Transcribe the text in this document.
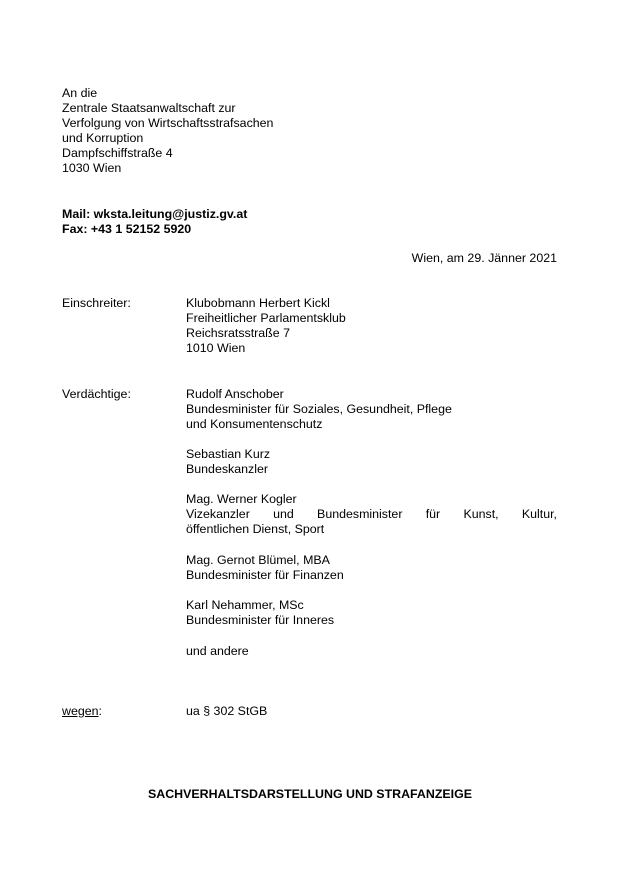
An die
Zentrale Staatsanwaltschaft zur
Verfolgung von Wirtschaftsstrafsachen
und Korruption
Dampfschiffstraße 4
1030 Wien
Mail: wksta.leitung@justiz.gv.at
Fax: +43 1 52152 5920
Wien, am 29. Jänner 2021
Einschreiter:	Klubobmann Herbert Kickl
Freiheitlicher Parlamentsklub
Reichsratsstraße 7
1010 Wien
Verdächtige:	Rudolf Anschober
Bundesminister für Soziales, Gesundheit, Pflege
und Konsumentenschutz
Sebastian Kurz
Bundeskanzler
Mag. Werner Kogler
Vizekanzler und Bundesminister für Kunst, Kultur,
öffentlichen Dienst, Sport
Mag. Gernot Blümel, MBA
Bundesminister für Finanzen
Karl Nehammer, MSc
Bundesminister für Inneres
und andere
wegen:	ua § 302 StGB
SACHVERHALTSDARSTELLUNG UND STRAFANZEIGE
